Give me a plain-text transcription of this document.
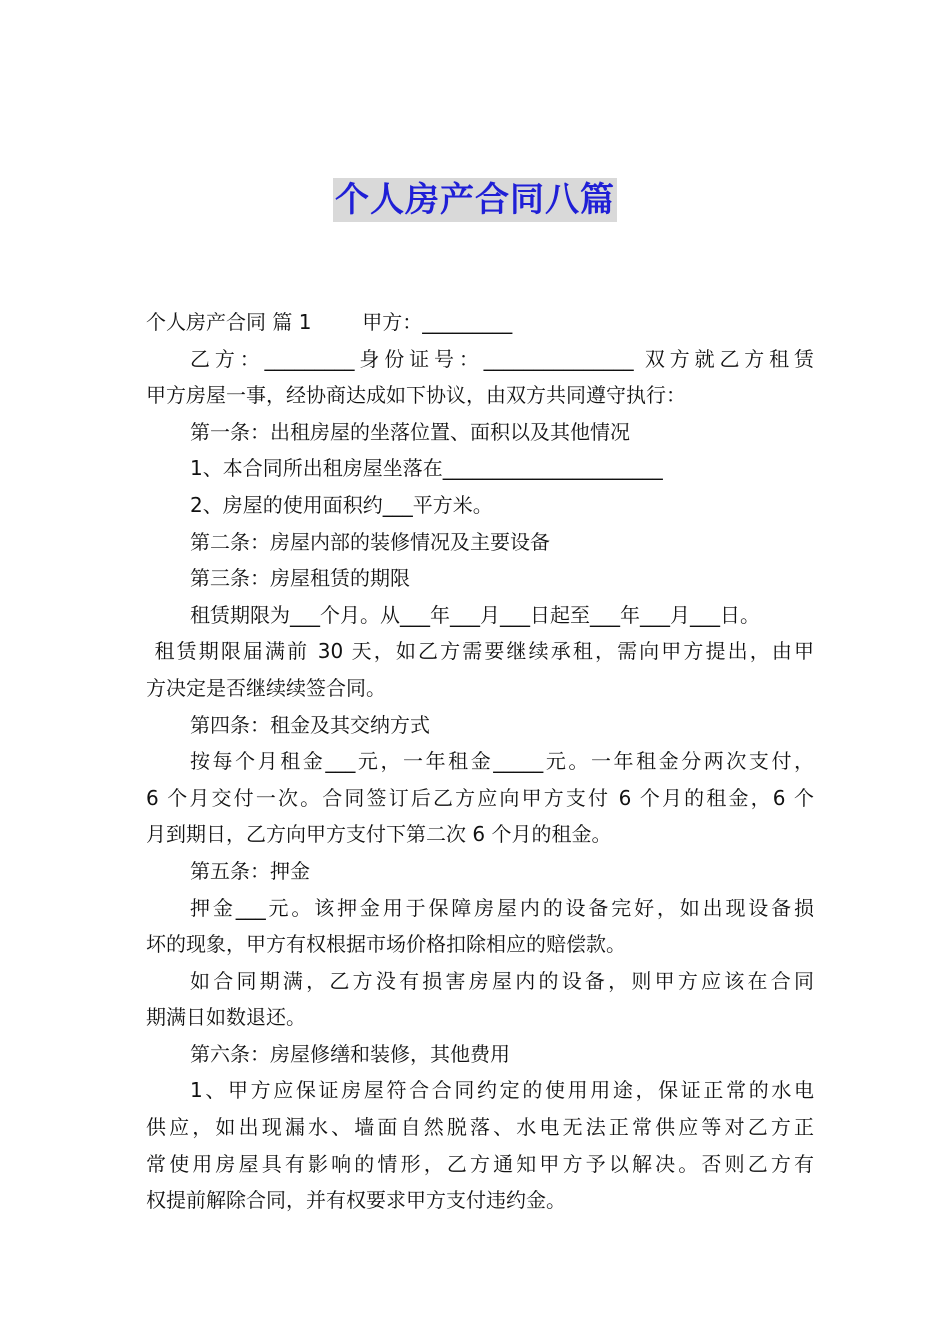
个人房产合同八篇
个人房产合同 篇 1        甲方：_________
乙方：_________身份证号：_______________ 双方就乙方租赁
甲方房屋一事，经协商达成如下协议，由双方共同遵守执行：
第一条：出租房屋的坐落位置、面积以及其他情况
1、本合同所出租房屋坐落在______________________
2、房屋的使用面积约___平方米。
第二条：房屋内部的装修情况及主要设备
第三条：房屋租赁的期限
租赁期限为___个月。从___年___月___日起至___年___月___日。
租赁期限届满前 30 天，如乙方需要继续承租，需向甲方提出，由甲
方决定是否继续续签合同。
第四条：租金及其交纳方式
按每个月租金___元，一年租金_____元。一年租金分两次支付，
6 个月交付一次。合同签订后乙方应向甲方支付 6 个月的租金，6 个
月到期日，乙方向甲方支付下第二次 6 个月的租金。
第五条：押金
押金___元。该押金用于保障房屋内的设备完好，如出现设备损
坏的现象，甲方有权根据市场价格扣除相应的赔偿款。
如合同期满，乙方没有损害房屋内的设备，则甲方应该在合同
期满日如数退还。
第六条：房屋修缮和装修，其他费用
1、甲方应保证房屋符合合同约定的使用用途，保证正常的水电
供应，如出现漏水、墙面自然脱落、水电无法正常供应等对乙方正
常使用房屋具有影响的情形，乙方通知甲方予以解决。否则乙方有
权提前解除合同，并有权要求甲方支付违约金。
